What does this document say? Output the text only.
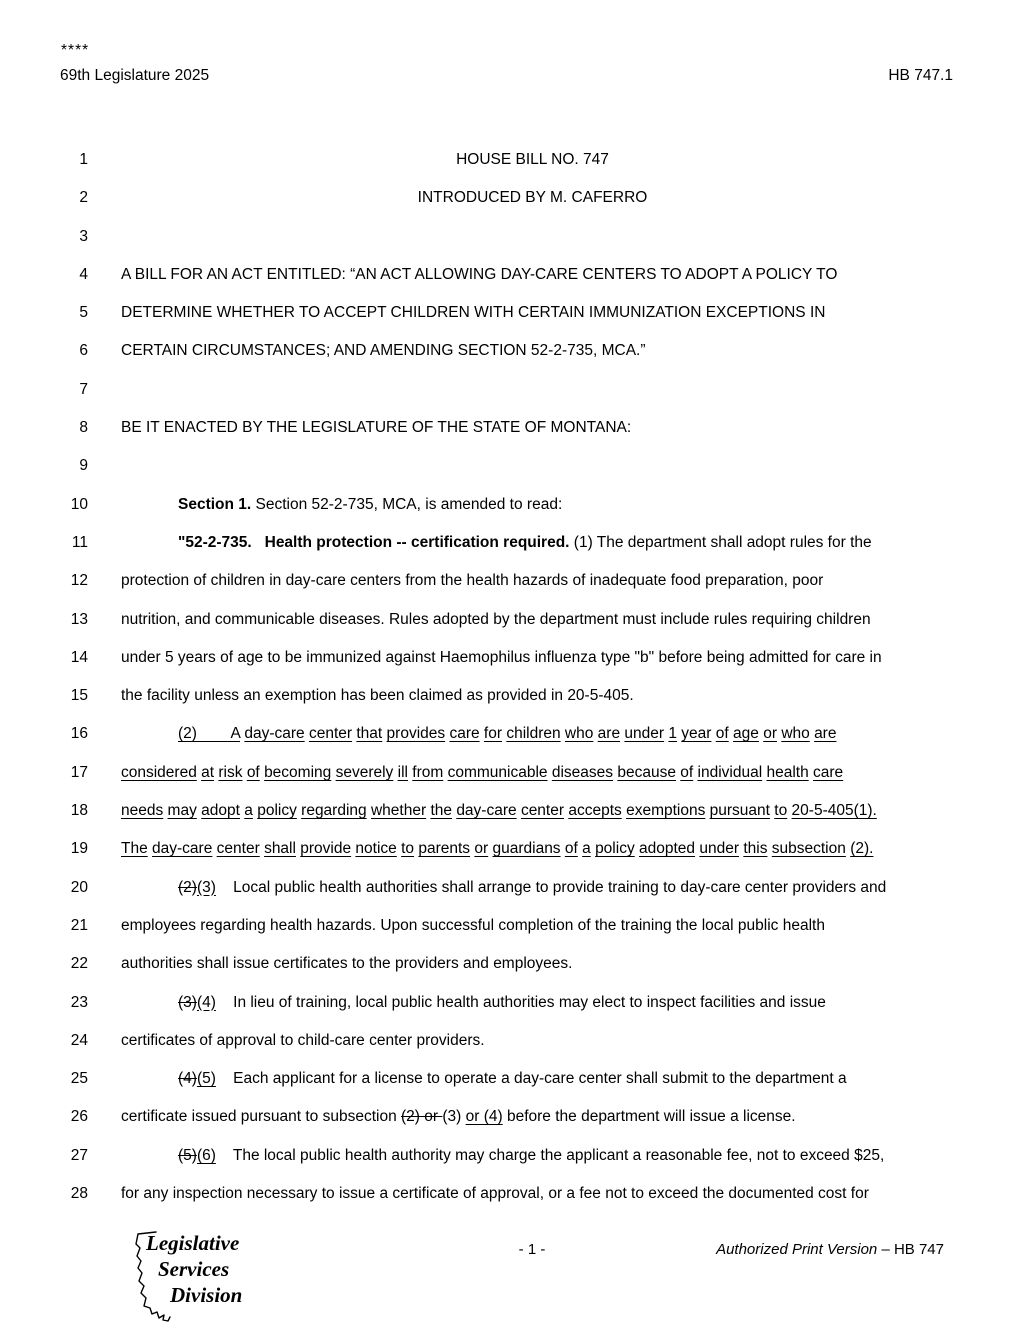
****
69th Legislature 2025	HB 747.1
1	HOUSE BILL NO. 747
2	INTRODUCED BY M. CAFERRO
3
4 A BILL FOR AN ACT ENTITLED: “AN ACT ALLOWING DAY-CARE CENTERS TO ADOPT A POLICY TO
5 DETERMINE WHETHER TO ACCEPT CHILDREN WITH CERTAIN IMMUNIZATION EXCEPTIONS IN
6 CERTAIN CIRCUMSTANCES; AND AMENDING SECTION 52-2-735, MCA.”
7
8 BE IT ENACTED BY THE LEGISLATURE OF THE STATE OF MONTANA:
9
10	Section 1. Section 52-2-735, MCA, is amended to read:
11	"52-2-735.   Health protection -- certification required. (1) The department shall adopt rules for the
12 protection of children in day-care centers from the health hazards of inadequate food preparation, poor
13 nutrition, and communicable diseases. Rules adopted by the department must include rules requiring children
14 under 5 years of age to be immunized against Haemophilus influenza type "b" before being admitted for care in
15 the facility unless an exemption has been claimed as provided in 20-5-405.
16	(2)        A day-care center that provides care for children who are under 1 year of age or who are
17 considered at risk of becoming severely ill from communicable diseases because of individual health care
18 needs may adopt a policy regarding whether the day-care center accepts exemptions pursuant to 20-5-405(1).
19 The day-care center shall provide notice to parents or guardians of a policy adopted under this subsection (2).
20	(2)(3)    Local public health authorities shall arrange to provide training to day-care center providers and
21 employees regarding health hazards. Upon successful completion of the training the local public health
22 authorities shall issue certificates to the providers and employees.
23	(3)(4)    In lieu of training, local public health authorities may elect to inspect facilities and issue
24 certificates of approval to child-care center providers.
25	(4)(5)    Each applicant for a license to operate a day-care center shall submit to the department a
26 certificate issued pursuant to subsection (2) or (3) or (4) before the department will issue a license.
27	(5)(6)    The local public health authority may charge the applicant a reasonable fee, not to exceed $25,
28 for any inspection necessary to issue a certificate of approval, or a fee not to exceed the documented cost for
Legislative
Services
Division
- 1 -	Authorized Print Version – HB 747
